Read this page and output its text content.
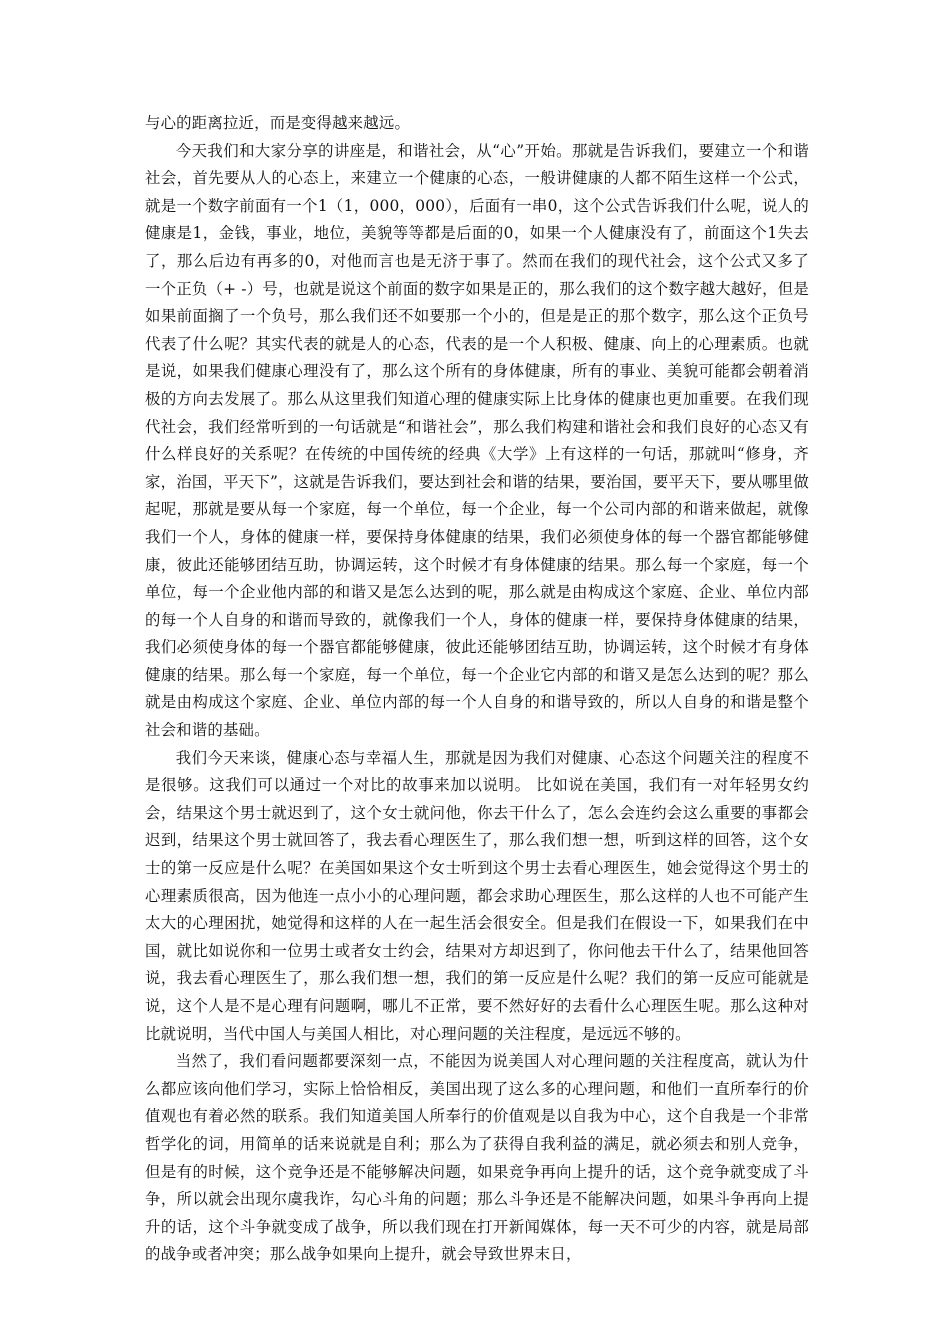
与心的距离拉近，而是变得越来越远。

今天我们和大家分享的讲座是，和谐社会，从“心”开始。那就是告诉我们，要建立一个和谐社会，首先要从人的心态上，来建立一个健康的心态，一般讲健康的人都不陌生这样一个公式，就是一个数字前面有一个1（1，000，000），后面有一串0，这个公式告诉我们什么呢，说人的健康是1，金钱，事业，地位，美貌等等都是后面的0，如果一个人健康没有了，前面这个1失去了，那么后边有再多的0，对他而言也是无济于事了。然而在我们的现代社会，这个公式又多了一个正负（+ -）号，也就是说这个前面的数字如果是正的，那么我们的这个数字越大越好，但是如果前面搁了一个负号，那么我们还不如要那一个小的，但是是正的那个数字，那么这个正负号代表了什么呢？其实代表的就是人的心态，代表的是一个人积极、健康、向上的心理素质。也就是说，如果我们健康心理没有了，那么这个所有的身体健康，所有的事业、美貌可能都会朝着消极的方向去发展了。那么从这里我们知道心理的健康实际上比身体的健康也更加重要。在我们现代社会，我们经常听到的一句话就是“和谐社会”，那么我们构建和谐社会和我们良好的心态又有什么样良好的关系呢？在传统的中国传统的经典《大学》上有这样的一句话，那就叫“修身，齐家，治国，平天下”，这就是告诉我们，要达到社会和谐的结果，要治国，要平天下，要从哪里做起呢，那就是要从每一个家庭，每一个单位，每一个企业，每一个公司内部的和谐来做起，就像我们一个人，身体的健康一样，要保持身体健康的结果，我们必须使身体的每一个器官都能够健康，彼此还能够团结互助，协调运转，这个时候才有身体健康的结果。那么每一个家庭，每一个单位，每一个企业他内部的和谐又是怎么达到的呢，那么就是由构成这个家庭、企业、单位内部的每一个人自身的和谐而导致的，就像我们一个人，身体的健康一样，要保持身体健康的结果，我们必须使身体的每一个器官都能够健康，彼此还能够团结互助，协调运转，这个时候才有身体健康的结果。那么每一个家庭，每一个单位，每一个企业它内部的和谐又是怎么达到的呢？那么就是由构成这个家庭、企业、单位内部的每一个人自身的和谐导致的，所以人自身的和谐是整个社会和谐的基础。

我们今天来谈，健康心态与幸福人生，那就是因为我们对健康、心态这个问题关注的程度不是很够。这我们可以通过一个对比的故事来加以说明。 比如说在美国，我们有一对年轻男女约会，结果这个男士就迟到了，这个女士就问他，你去干什么了，怎么会连约会这么重要的事都会迟到，结果这个男士就回答了，我去看心理医生了，那么我们想一想，听到这样的回答，这个女士的第一反应是什么呢？在美国如果这个女士听到这个男士去看心理医生，她会觉得这个男士的心理素质很高，因为他连一点小小的心理问题，都会求助心理医生，那么这样的人也不可能产生太大的心理困扰，她觉得和这样的人在一起生活会很安全。但是我们在假设一下，如果我们在中国，就比如说你和一位男士或者女士约会，结果对方却迟到了，你问他去干什么了，结果他回答说，我去看心理医生了，那么我们想一想，我们的第一反应是什么呢？我们的第一反应可能就是说，这个人是不是心理有问题啊，哪儿不正常，要不然好好的去看什么心理医生呢。那么这种对比就说明，当代中国人与美国人相比，对心理问题的关注程度，是远远不够的。

当然了，我们看问题都要深刻一点，不能因为说美国人对心理问题的关注程度高，就认为什么都应该向他们学习，实际上恰恰相反，美国出现了这么多的心理问题，和他们一直所奉行的价值观也有着必然的联系。我们知道美国人所奉行的价值观是以自我为中心，这个自我是一个非常哲学化的词，用简单的话来说就是自利；那么为了获得自我利益的满足，就必须去和别人竞争，但是有的时候，这个竞争还是不能够解决问题，如果竞争再向上提升的话，这个竞争就变成了斗争，所以就会出现尔虞我诈，勾心斗角的问题；那么斗争还是不能解决问题，如果斗争再向上提升的话，这个斗争就变成了战争，所以我们现在打开新闻媒体，每一天不可少的内容，就是局部的战争或者冲突；那么战争如果向上提升，就会导致世界末日，
